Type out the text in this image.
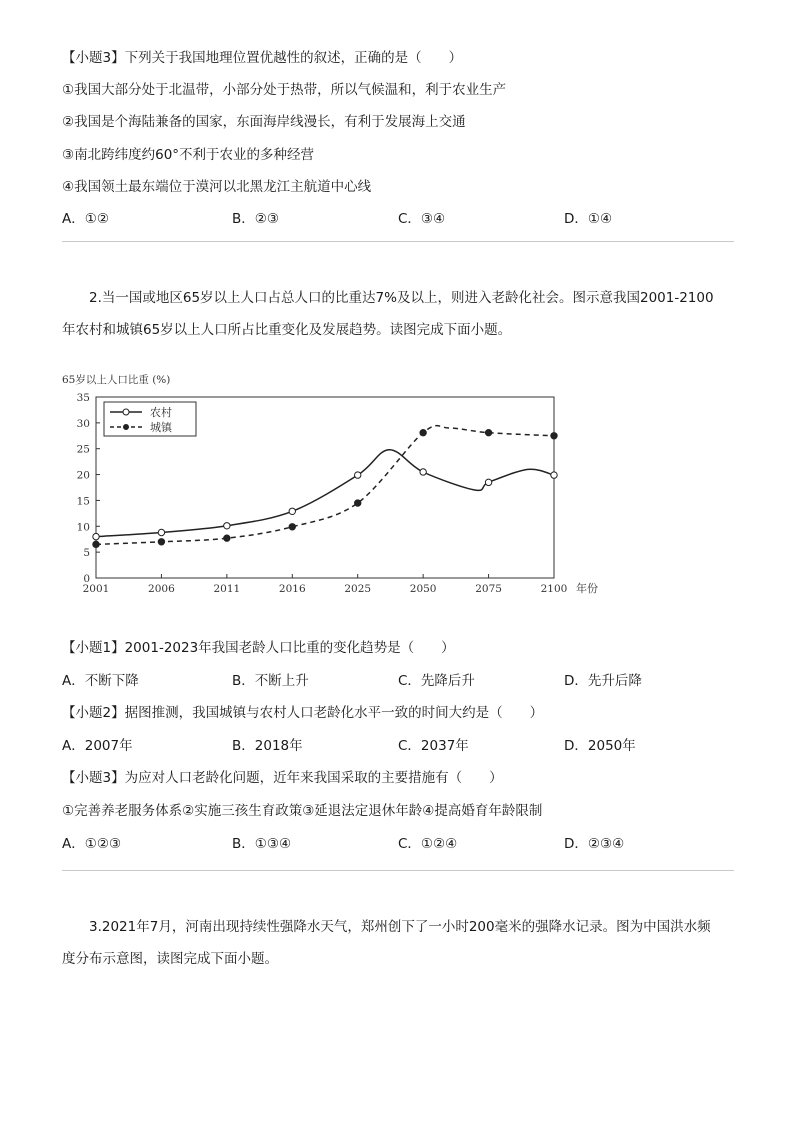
【小题3】下列关于我国地理位置优越性的叙述，正确的是（　　）
①我国大部分处于北温带，小部分处于热带，所以气候温和，利于农业生产
②我国是个海陆兼备的国家，东面海岸线漫长，有利于发展海上交通
③南北跨纬度约60°不利于农业的多种经营
④我国领土最东端位于漠河以北黑龙江主航道中心线
A．①②	B．②③	C．③④	D．①④
2.当一国或地区65岁以上人口占总人口的比重达7%及以上，则进入老龄化社会。图示意我国2001-2100
年农村和城镇65岁以上人口所占比重变化及发展趋势。读图完成下面小题。
65岁以上人口比重 (%)
0
5
10
15
20
25
30
35
2001	2006	2011	2016	2025	2050	2075	2100 年份
农村
城镇
【小题1】2001-2023年我国老龄人口比重的变化趋势是（　　）
A．不断下降	B．不断上升	C．先降后升	D．先升后降
【小题2】据图推测，我国城镇与农村人口老龄化水平一致的时间大约是（　　）
A．2007年	B．2018年	C．2037年	D．2050年
【小题3】为应对人口老龄化问题，近年来我国采取的主要措施有（　　）
①完善养老服务体系②实施三孩生育政策③延退法定退休年龄④提高婚育年龄限制
A．①②③	B．①③④	C．①②④	D．②③④
3.2021年7月，河南出现持续性强降水天气，郑州创下了一小时200毫米的强降水记录。图为中国洪水频
度分布示意图，读图完成下面小题。
